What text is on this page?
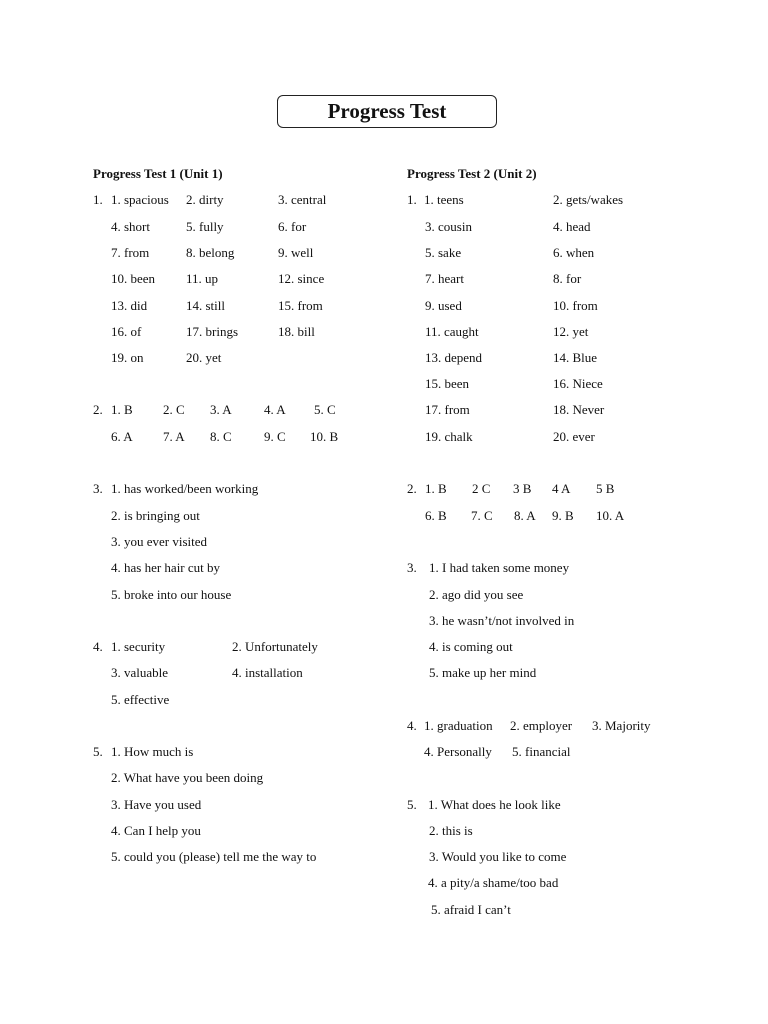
Progress Test
Progress Test 1 (Unit 1)
1. 1. spacious 2. dirty	3. central
4. short	5. fully	6. for
7. from	8. belong	9. well
10. been 11. up	12. since
13. did	14. still	15. from
16. of	17. brings	18. bill
19. on	20. yet
2. 1. B 2. C 3. A 4. A 5. C
6. A 7. A 8. C 9. C 10. B
3. 1. has worked/been working
2. is bringing out
3. you ever visited
4. has her hair cut by
5. broke into our house
4. 1. security	2. Unfortunately
3. valuable	4. installation
5. effective
5. 1. How much is
2. What have you been doing
3. Have you used
4. Can I help you
5. could you (please) tell me the way to
Progress Test 2 (Unit 2)
1. 1. teens	2. gets/wakes
3. cousin	4. head
5. sake	6. when
7. heart	8. for
9. used	10. from
11. caught	12. yet
13. depend	14. Blue
15. been	16. Niece
17. from	18. Never
19. chalk	20. ever
2. 1. B 2 C 3 B 4 A 5 B
6. B 7. C 8. A 9. B 10. A
3. 1. I had taken some money
2. ago did you see
3. he wasn’t/not involved in
4. is coming out
5. make up her mind
4. 1. graduation 2. employer 3. Majority
4. Personally 5. financial
5. 1. What does he look like
2. this is
3. Would you like to come
4. a pity/a shame/too bad
5. afraid I can’t
